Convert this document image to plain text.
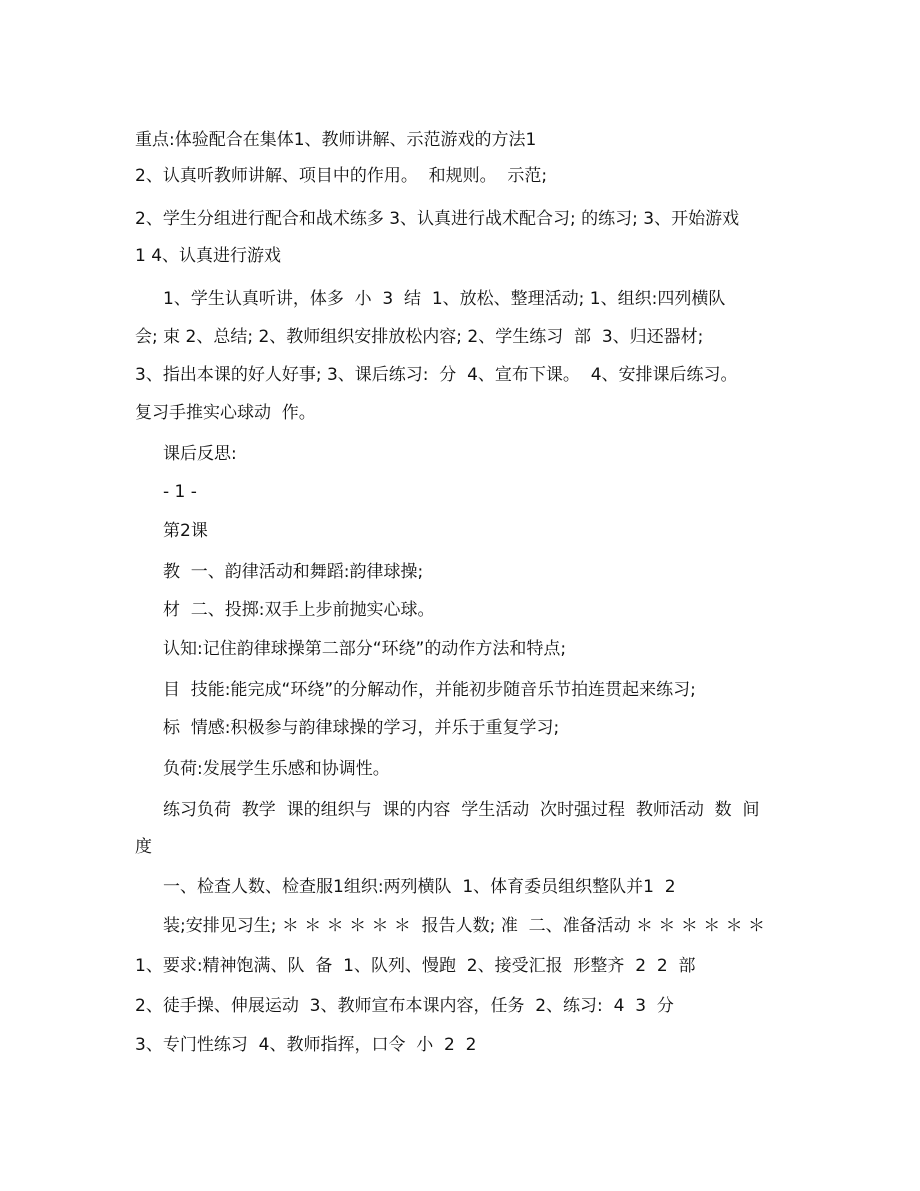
重点:体验配合在集体1、教师讲解、示范游戏的方法1
2、认真听教师讲解、项目中的作用。  和规则。  示范;
2、学生分组进行配合和战术练多 3、认真进行战术配合习; 的练习; 3、开始游戏
1 4、认真进行游戏
1、学生认真听讲，体多  小  3  结  1、放松、整理活动; 1、组织:四列横队
会; 束 2、总结; 2、教师组织安排放松内容; 2、学生练习  部  3、归还器材;
3、指出本课的好人好事; 3、课后练习:  分  4、宣布下课。  4、安排课后练习。
复习手推实心球动  作。
课后反思:
- 1 -
第2课
教  一、韵律活动和舞蹈:韵律球操;
材  二、投掷:双手上步前抛实心球。
认知:记住韵律球操第二部分“环绕”的动作方法和特点;
目  技能:能完成“环绕”的分解动作，并能初步随音乐节拍连贯起来练习;
标  情感:积极参与韵律球操的学习，并乐于重复学习;
负荷:发展学生乐感和协调性。
练习负荷  教学  课的组织与  课的内容  学生活动  次时强过程  教师活动  数  间
度
一、检查人数、检查服1组织:两列横队  1、体育委员组织整队并1  2
装;安排见习生; ＊ ＊ ＊ ＊ ＊ ＊  报告人数; 准  二、准备活动 ＊ ＊ ＊ ＊ ＊ ＊
1、要求:精神饱满、队  备  1、队列、慢跑  2、接受汇报  形整齐  2  2  部
2、徒手操、伸展运动  3、教师宣布本课内容，任务  2、练习:  4  3  分
3、专门性练习  4、教师指挥，口令  小  2  2
